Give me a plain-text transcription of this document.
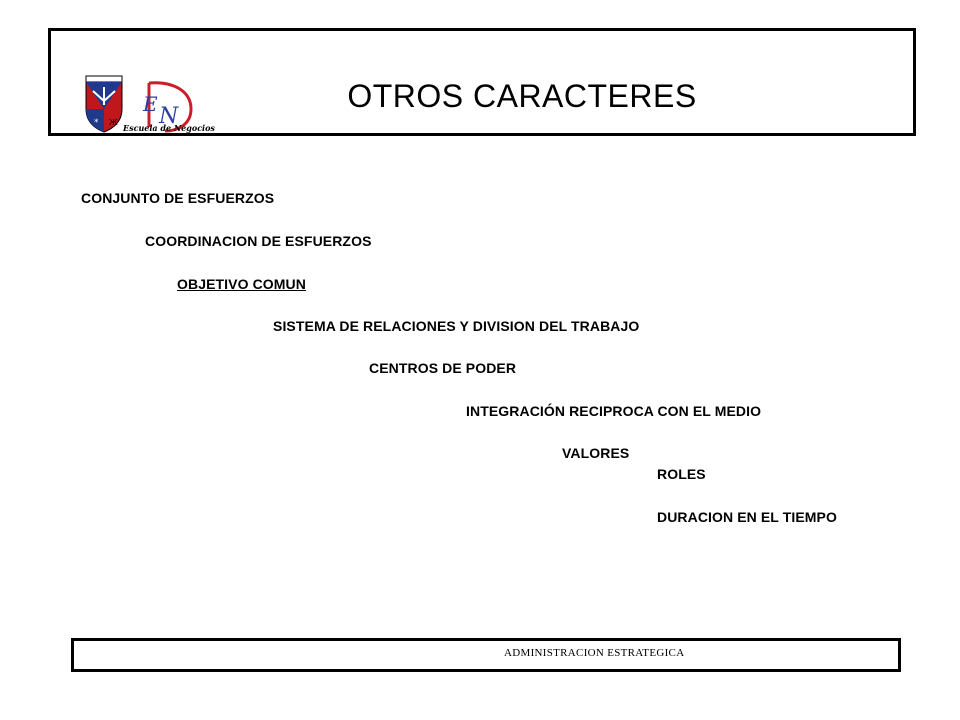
* Ж
E N
Escuela de Negocios
OTROS CARACTERES
CONJUNTO DE ESFUERZOS
COORDINACION DE ESFUERZOS
OBJETIVO COMUN
SISTEMA DE RELACIONES Y DIVISION DEL TRABAJO
CENTROS DE PODER
INTEGRACIÓN RECIPROCA CON EL MEDIO
VALORES
ROLES
DURACION EN EL TIEMPO
ADMINISTRACION ESTRATEGICA
